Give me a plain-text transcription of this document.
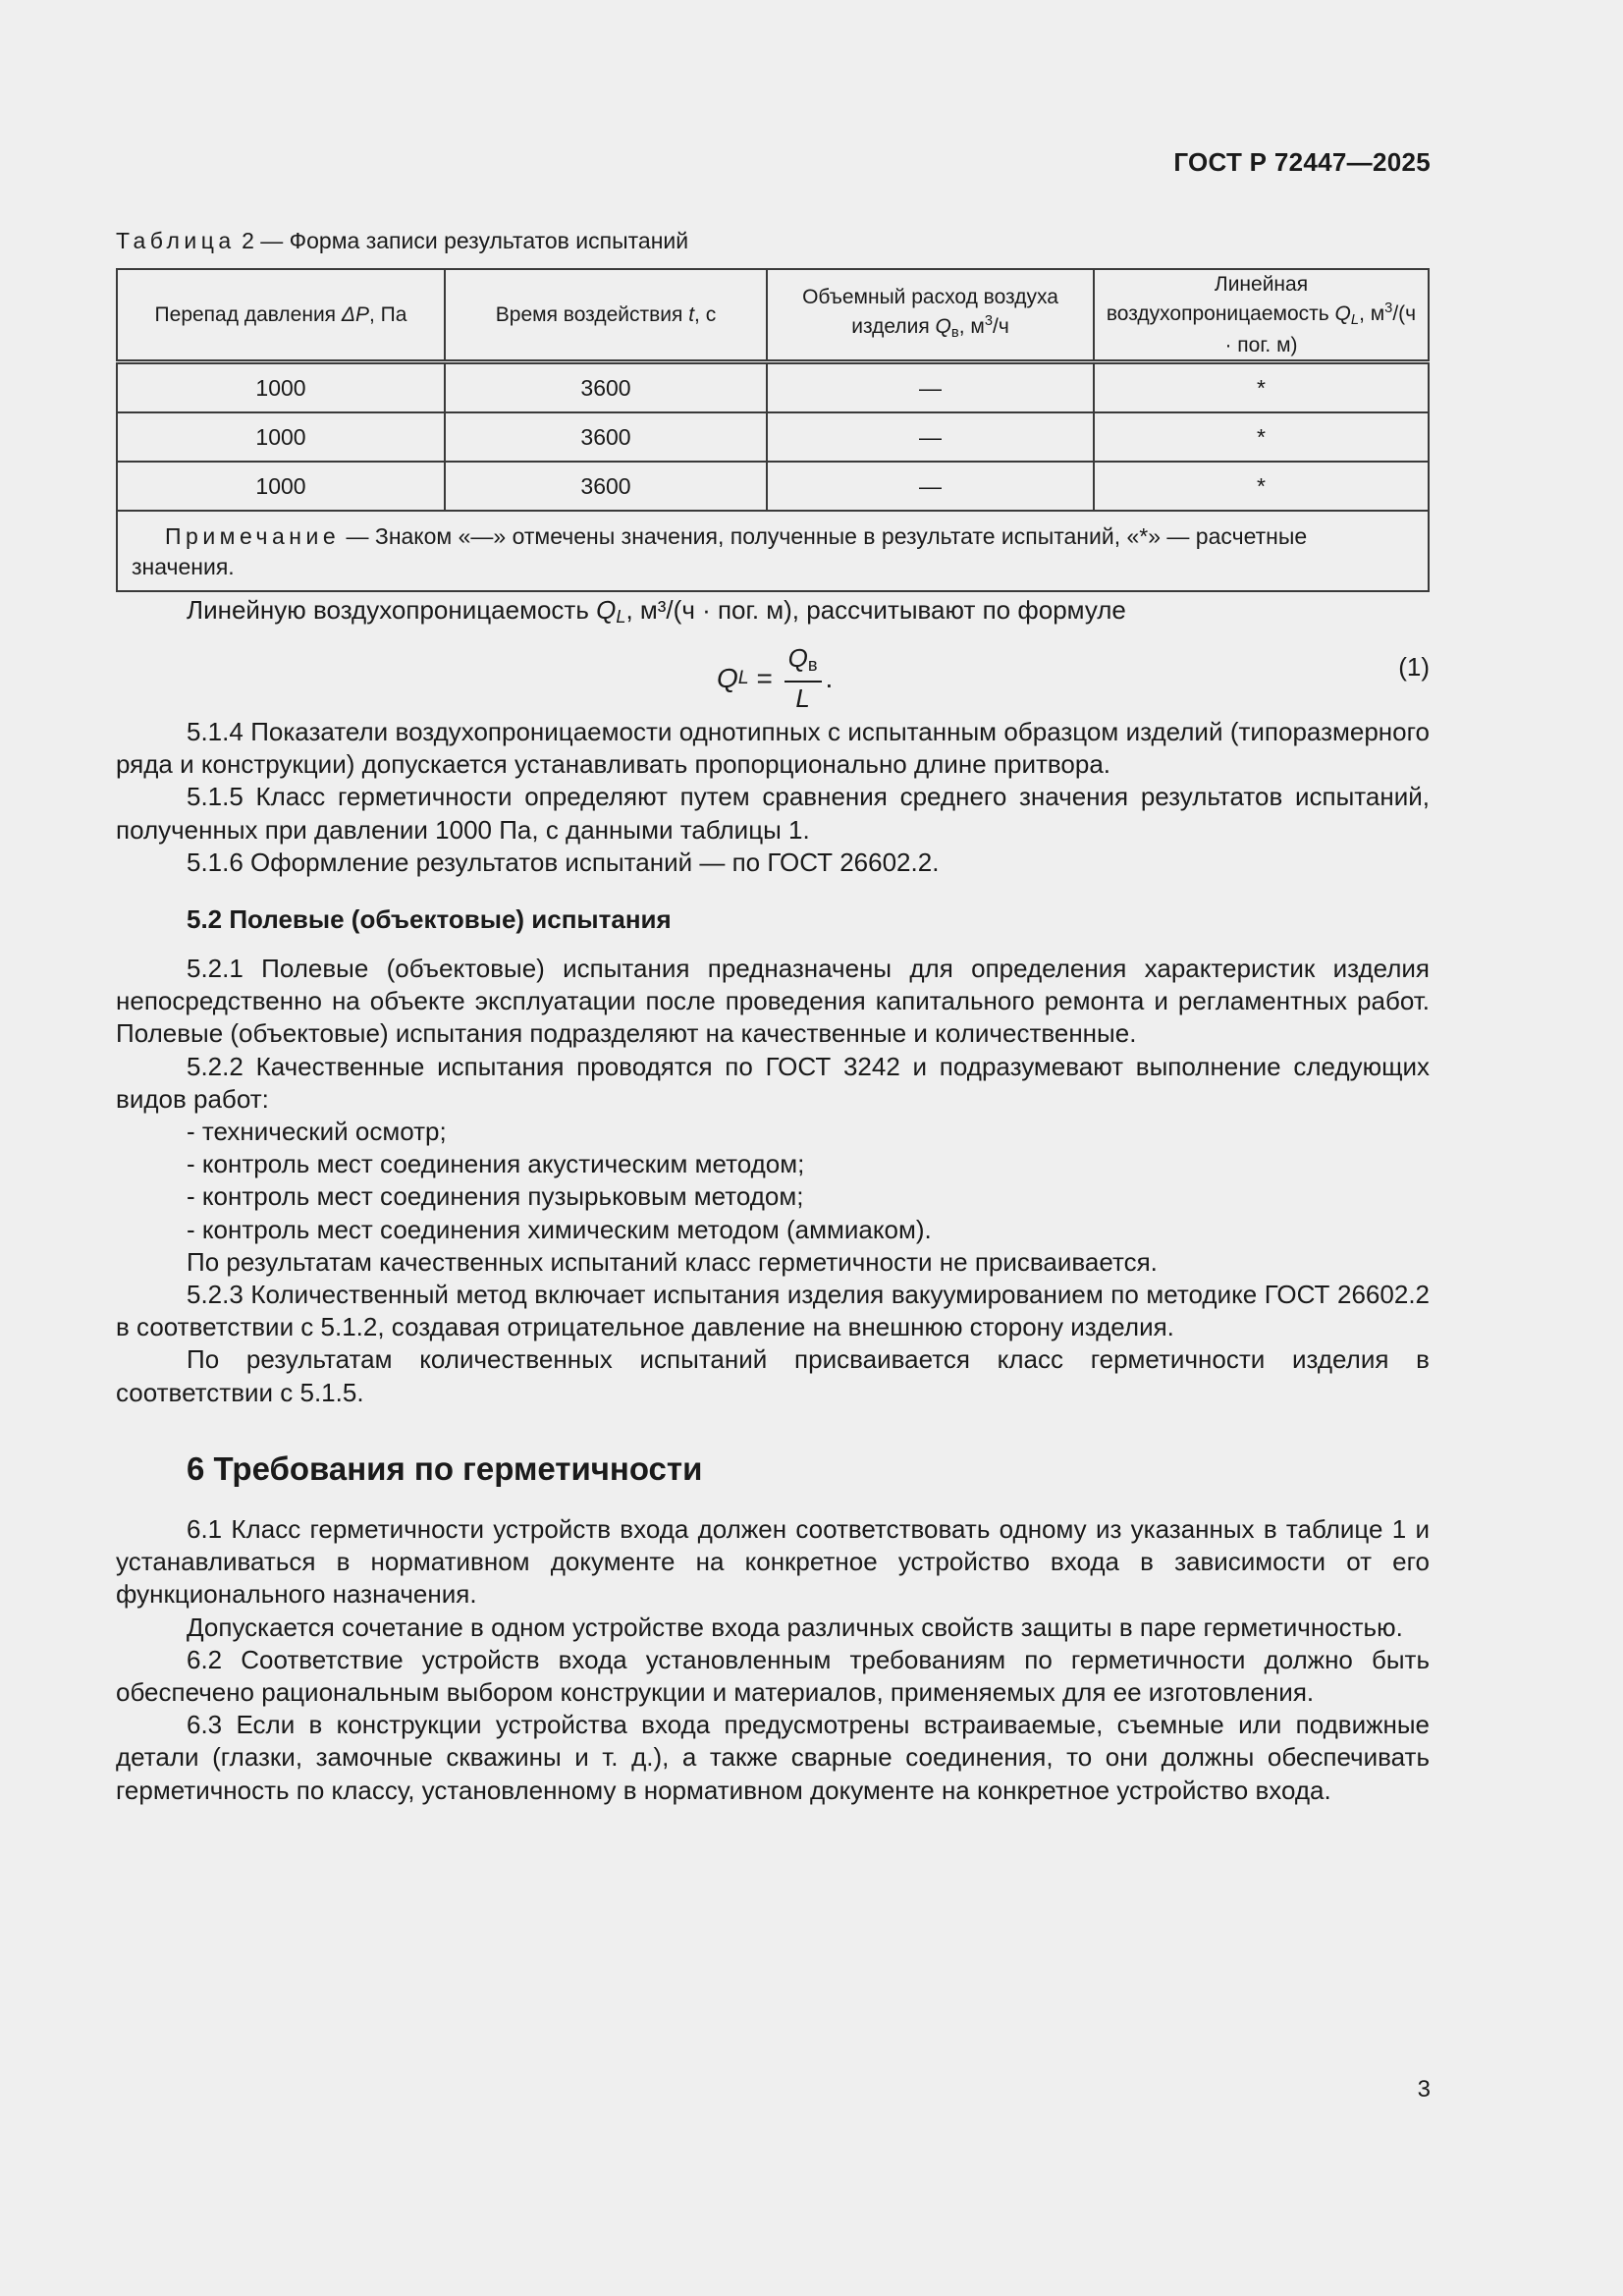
ГОСТ Р 72447—2025
Таблица 2 — Форма записи результатов испытаний
Перепад давления ΔP, Па	Время воздействия t, с	Объемный расход воздуха изделия $Q_в$, $м^3/ч$	Линейная воздухопроницаемость $Q_L$, $м^3/(ч$ · пог. м)
1000	3600	—	*
1000	3600	—	*
1000	3600	—	*
Примечание — Знаком «—» отмечены значения, полученные в результате испытаний, «*» — расчетные значения.			

Линейную воздухопроницаемость $Q_L$, м³/(ч · пог. м), рассчитывают по формуле

Q $L = \frac{Q_в}{L}$ .	(1)

5.1.4 Показатели воздухопроницаемости однотипных с испытанным образцом изделий (типоразмерного ряда и конструкции) допускается устанавливать пропорционально длине притвора.

5.1.5 Класс герметичности определяют путем сравнения среднего значения результатов испытаний, полученных при давлении 1000 Па, с данными таблицы 1.

5.1.6 Оформление результатов испытаний — по ГОСТ 26602.2.

5.2 Полевые (объектовые) испытания

5.2.1 Полевые (объектовые) испытания предназначены для определения характеристик изделия непосредственно на объекте эксплуатации после проведения капитального ремонта и регламентных работ. Полевые (объектовые) испытания подразделяют на качественные и количественные.

5.2.2 Качественные испытания проводятся по ГОСТ 3242 и подразумевают выполнение следующих видов работ:

- технический осмотр;

- контроль мест соединения акустическим методом;

- контроль мест соединения пузырьковым методом;

- контроль мест соединения химическим методом (аммиаком).

По результатам качественных испытаний класс герметичности не присваивается.

5.2.3 Количественный метод включает испытания изделия вакуумированием по методике ГОСТ 26602.2 в соответствии с 5.1.2, создавая отрицательное давление на внешнюю сторону изделия.

По результатам количественных испытаний присваивается класс герметичности изделия в соответствии с 5.1.5.

6 Требования по герметичности

6.1 Класс герметичности устройств входа должен соответствовать одному из указанных в таблице 1 и устанавливаться в нормативном документе на конкретное устройство входа в зависимости от его функционального назначения.

Допускается сочетание в одном устройстве входа различных свойств защиты в паре герметичностью.

6.2 Соответствие устройств входа установленным требованиям по герметичности должно быть обеспечено рациональным выбором конструкции и материалов, применяемых для ее изготовления.

6.3 Если в конструкции устройства входа предусмотрены встраиваемые, съемные или подвижные детали (глазки, замочные скважины и т. д.), а также сварные соединения, то они должны обеспечивать герметичность по классу, установленному в нормативном документе на конкретное устройство входа.

3
